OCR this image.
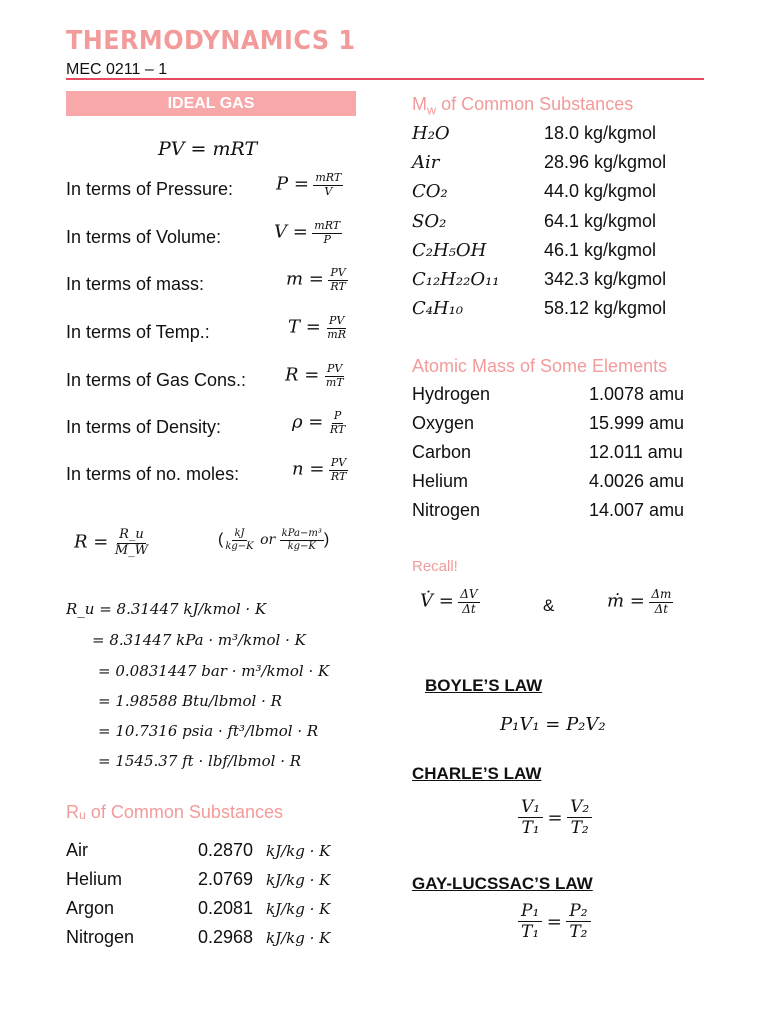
THERMODYNAMICS 1
MEC 0211 – 1
IDEAL GAS
PV = mRT
In terms of Pressure: $P = \frac{\text{mRT}}{V}$
In terms of Volume:	$V = \frac{\text{mRT}}{P}$
In terms of mass:	$m = \frac{PV}{RT}$
In terms of Temp.:	$T = \frac{PV}{mR}$
In terms of Gas Cons.: $R = \frac{PV}{mT}$
In terms of Density:	$\rho = \frac{P}{RT}$
In terms of no. moles:	$n = \frac{PV}{RT}$
$R = \frac{R\_u}{M\_W}$	( $\frac{kJ}{kg-K}$ or $\frac{\text{kPa−m³}}{kg-K}$ )
R_u = 8.31447 kJ/kmol · K
= 8.31447 kPa · m³/kmol · K
= 0.0831447 bar · m³/kmol · K
= 1.98588 Btu/lbmol · R
= 10.7316 psia · ft³/lbmol · R
= 1545.37 ft · lbf/lbmol · R
Rᵤ of Common Substances
Air	0.2870 kJ/kg · K
Helium	2.0769 kJ/kg · K
Argon	0.2081 kJ/kg · K
Nitrogen	0.2968 kJ/kg · K
$M_w$ of Common Substances
H₂O	18.0 kg/kgmol
Air	28.96 kg/kgmol
CO₂	44.0 kg/kgmol
SO₂	64.1 kg/kgmol
C₂H₅OH	46.1 kg/kgmol
C₁₂H₂₂O₁₁ 342.3 kg/kgmol
C₄H₁₀	58.12 kg/kgmol
Atomic Mass of Some Elements
Hydrogen	1.0078 amu
Oxygen	15.999 amu
Carbon	12.011 amu
Helium	4.0026 amu
Nitrogen	14.007 amu
Recall!
V̇ = $\frac{\Delta V}{\Delta t}$	&	ṁ = $\frac{\Delta m}{\Delta t}$
BOYLE’S LAW
P₁V₁ = P₂V₂
CHARLE’S LAW
$\frac{\text{V₁}}{\text{T₁}} = \frac{\text{V₂}}{\text{T₂}}$
GAY-LUCSSAC’S LAW
$\frac{\text{P₁}}{\text{T₁}} = \frac{\text{P₂}}{\text{T₂}}$
